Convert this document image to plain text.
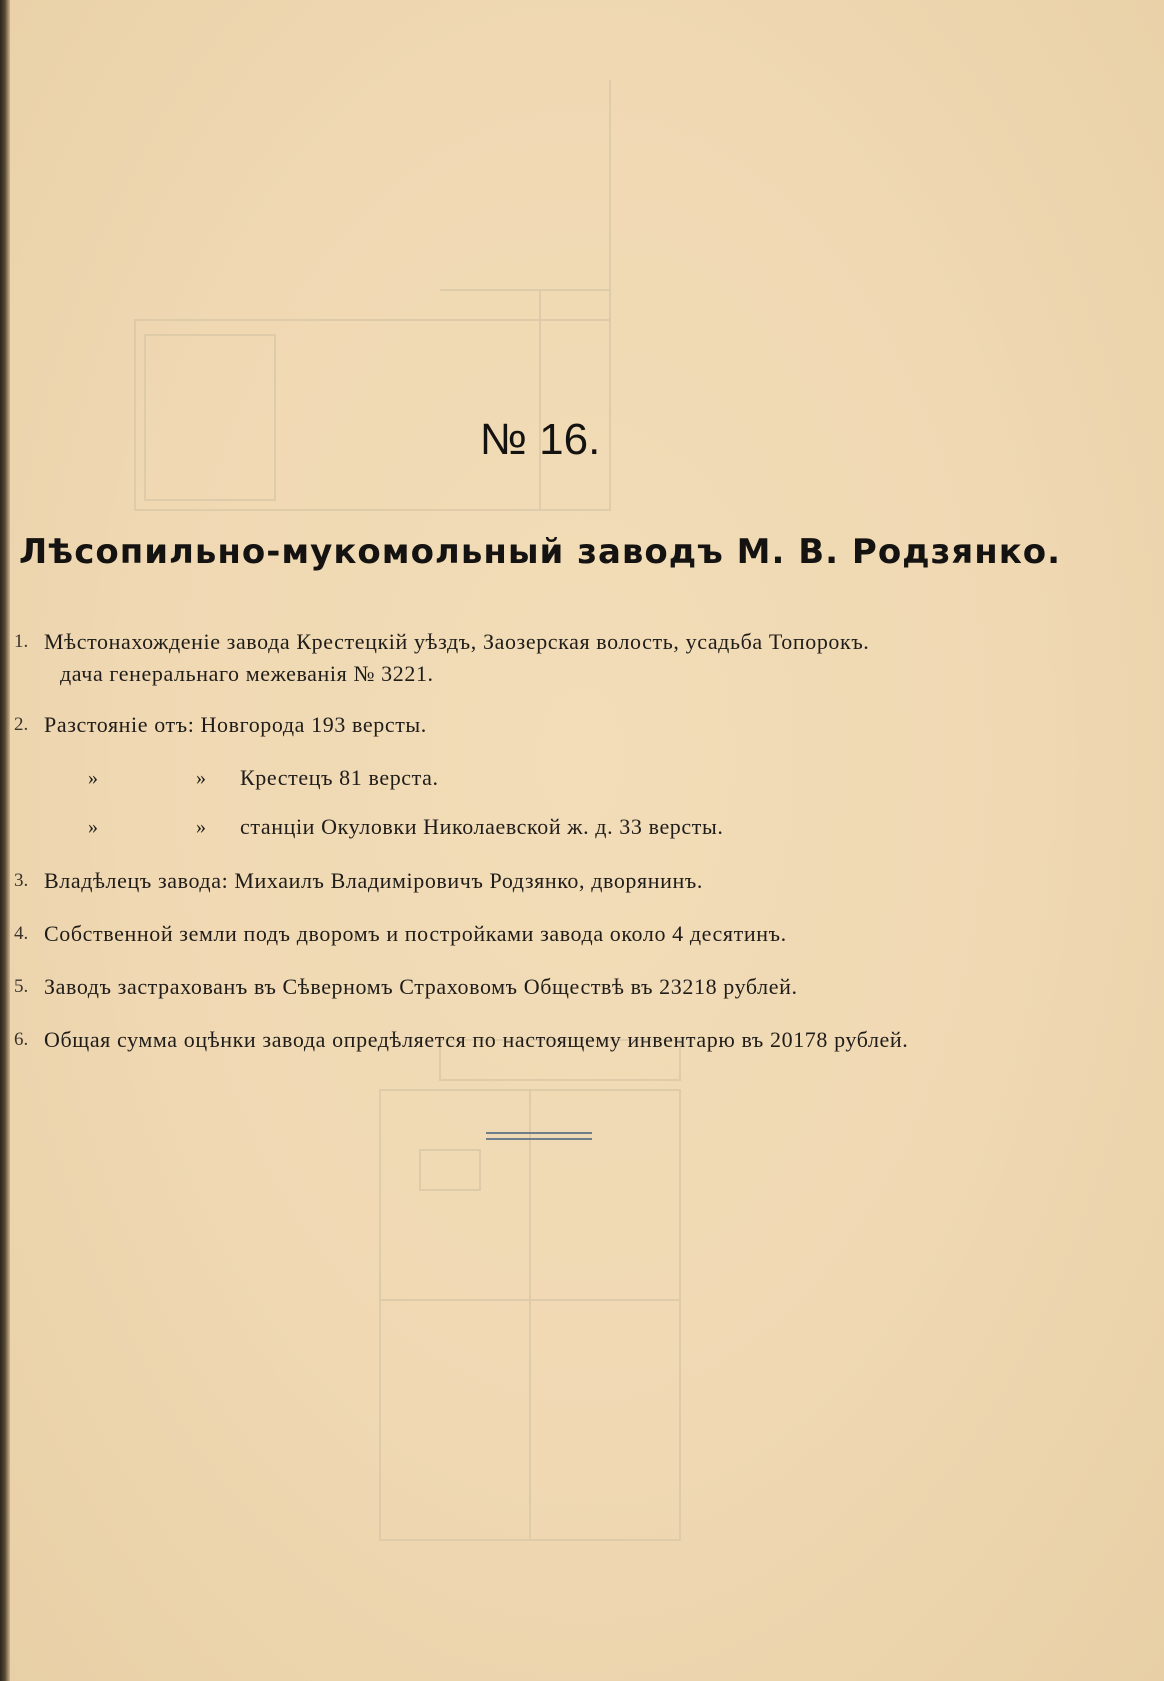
№ 16.
Лѣсопильно-мукомольный заводъ М. В. Родзянко.
1. Мѣстонахожденіе завода Крестецкій уѣздъ, Заозерская волость, усадьба Топорокъ.
дача генеральнаго межеванія № 3221.
2. Разстояніе отъ: Новгорода 193 версты.
»	» Крестецъ 81 верста.
»	» станціи Окуловки Николаевской ж. д. 33 версты.
3. Владѣлецъ завода: Михаилъ Владиміровичъ Родзянко, дворянинъ.
4. Собственной земли подъ дворомъ и постройками завода около 4 десятинъ.
5. Заводъ застрахованъ въ Сѣверномъ Страховомъ Обществѣ въ 23218 рублей.
6. Общая сумма оцѣнки завода опредѣляется по настоящему инвентарю въ 20178 рублей.
